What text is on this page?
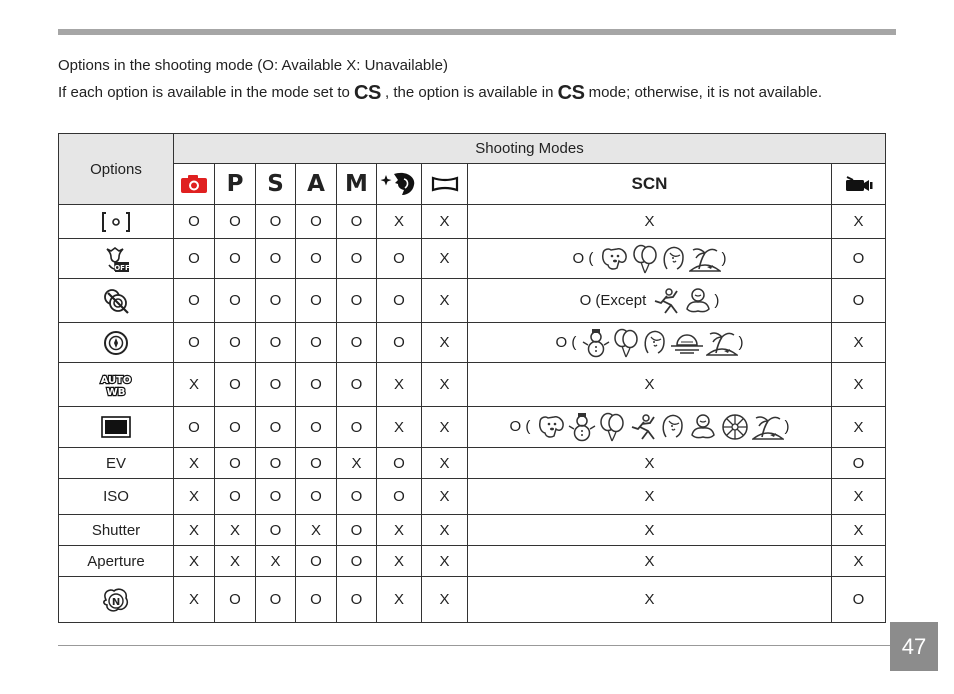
Options in the shooting mode (O: Available X: Unavailable)

If each option is available in the mode set to CS , the option is available in CS mode; otherwise, it is not available.

Options	Shooting Modes								

	P	S	A	M			SCN	

	O	O	O	O	O	X	X	X	X

OFF	O	O	O	O	O	O	X	O ( )	O

	O	O	O	O	O	O	X	O (Except )	O

	O	O	O	O	O	O	X	O ( )	X

AUTO
WB	X	O	O	O	O	X	X	X	X

	O	O	O	O	O	X	X	O ( )	X
EV	X	O	O	O	X	O	X	X	O
ISO	X	O	O	O	O	O	X	X	X
Shutter	X	X	O	X	O	X	X	X	X
Aperture	X	X	X	O	O	X	X	X	X

N	X	O	O	O	O	X	X	X	O
47
